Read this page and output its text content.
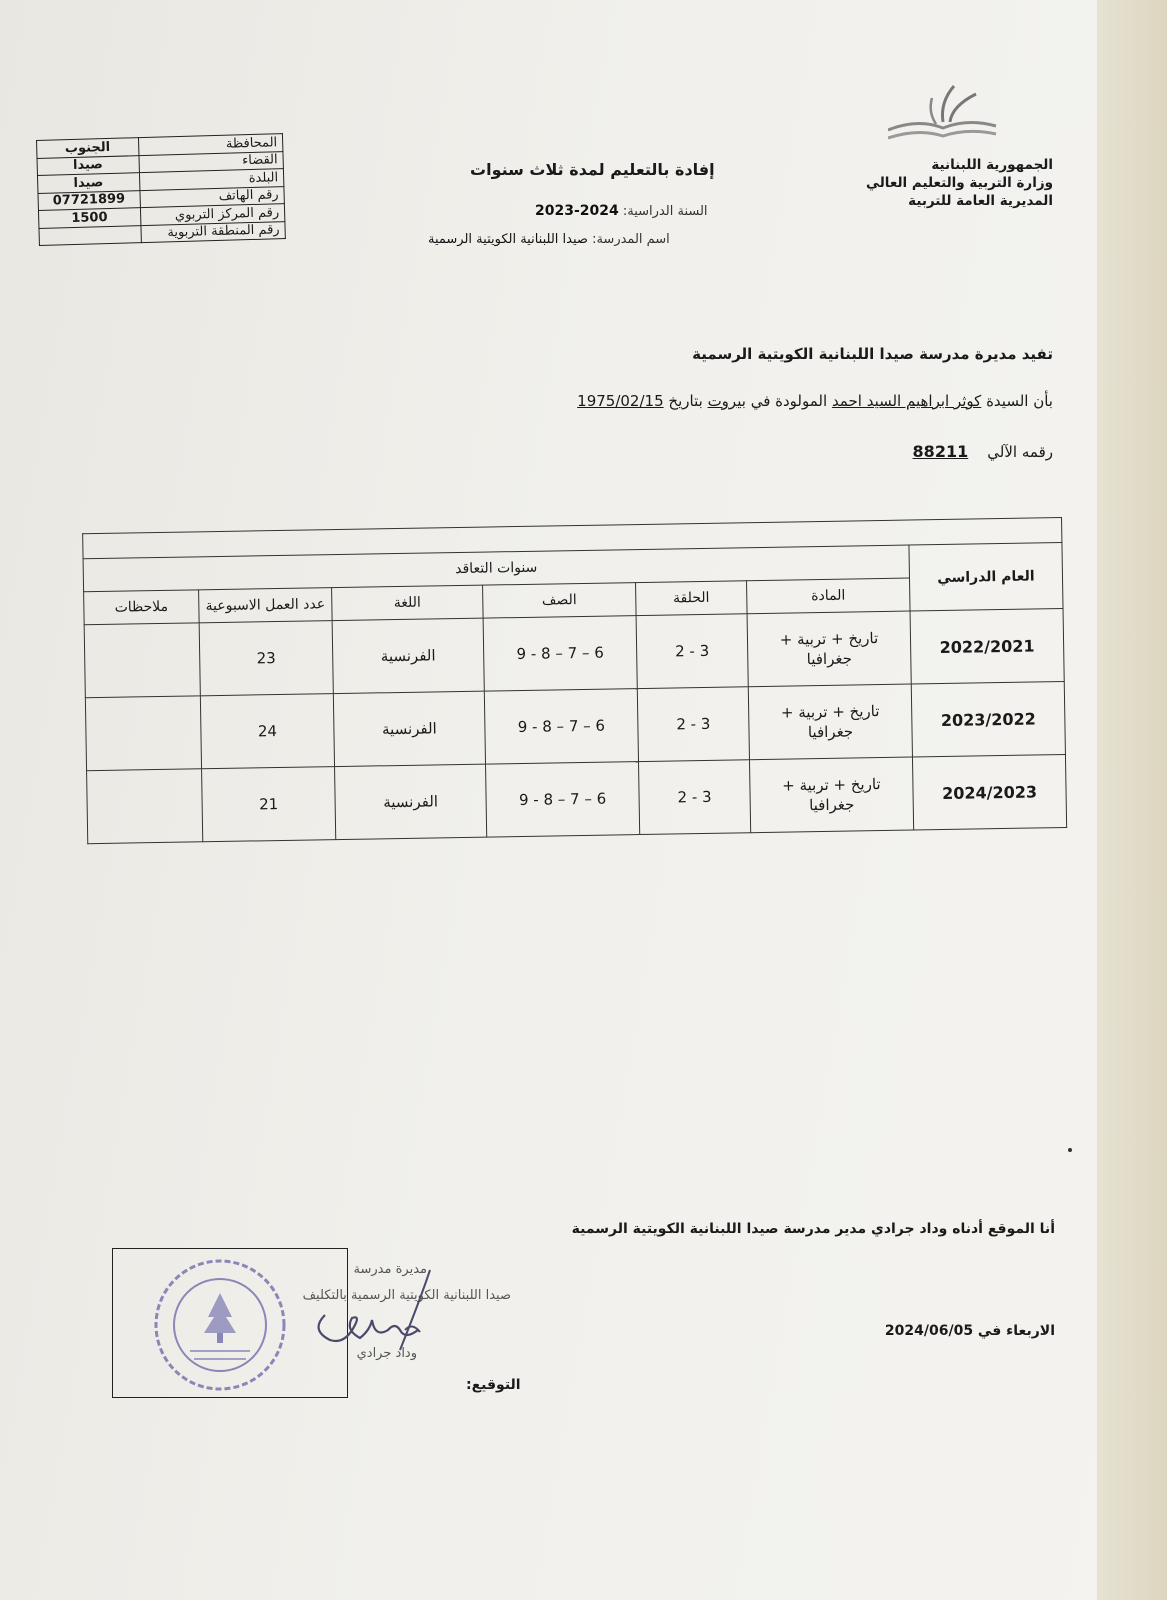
الجمهورية اللبنانية
وزارة التربية والتعليم العالي
المديرية العامة للتربية
الجنوب	المحافظة
صيدا	القضاء
صيدا	البلدة
07721899	رقم الهاتف
1500	رقم المركز التربوي
	رقم المنطقة التربوية
إفادة بالتعليم لمدة ثلاث سنوات
السنة الدراسية: 2024-2023
اسم المدرسة: صيدا اللبنانية الكويتية الرسمية
تفيد مديرة مدرسة صيدا اللبنانية الكويتية الرسمية
بأن السيدة كوثر ابراهيم السيد احمد المولودة في بيروت بتاريخ 1975/02/15
رقمه الآلي    88211

العام الدراسي	سنوات التعاقد					
	المادة	الحلقة	الصف	اللغة	عدد العمل الاسبوعية	ملاحظات
2022/2021	تاريخ + تربية + جغرافيا	3 - 2	6 – 7 – 8 - 9	الفرنسية	23	
2023/2022	تاريخ + تربية + جغرافيا	3 - 2	6 – 7 – 8 - 9	الفرنسية	24	
2024/2023	تاريخ + تربية + جغرافيا	3 - 2	6 – 7 – 8 - 9	الفرنسية	21	
أنا الموقع أدناه وداد جرادي مدير مدرسة صيدا اللبنانية الكويتية الرسمية
الاربعاء في 2024/06/05
التوقيع:
مديرة مدرسة
صيدا اللبنانية الكويتية الرسمية بالتكليف
وداد جرادي
